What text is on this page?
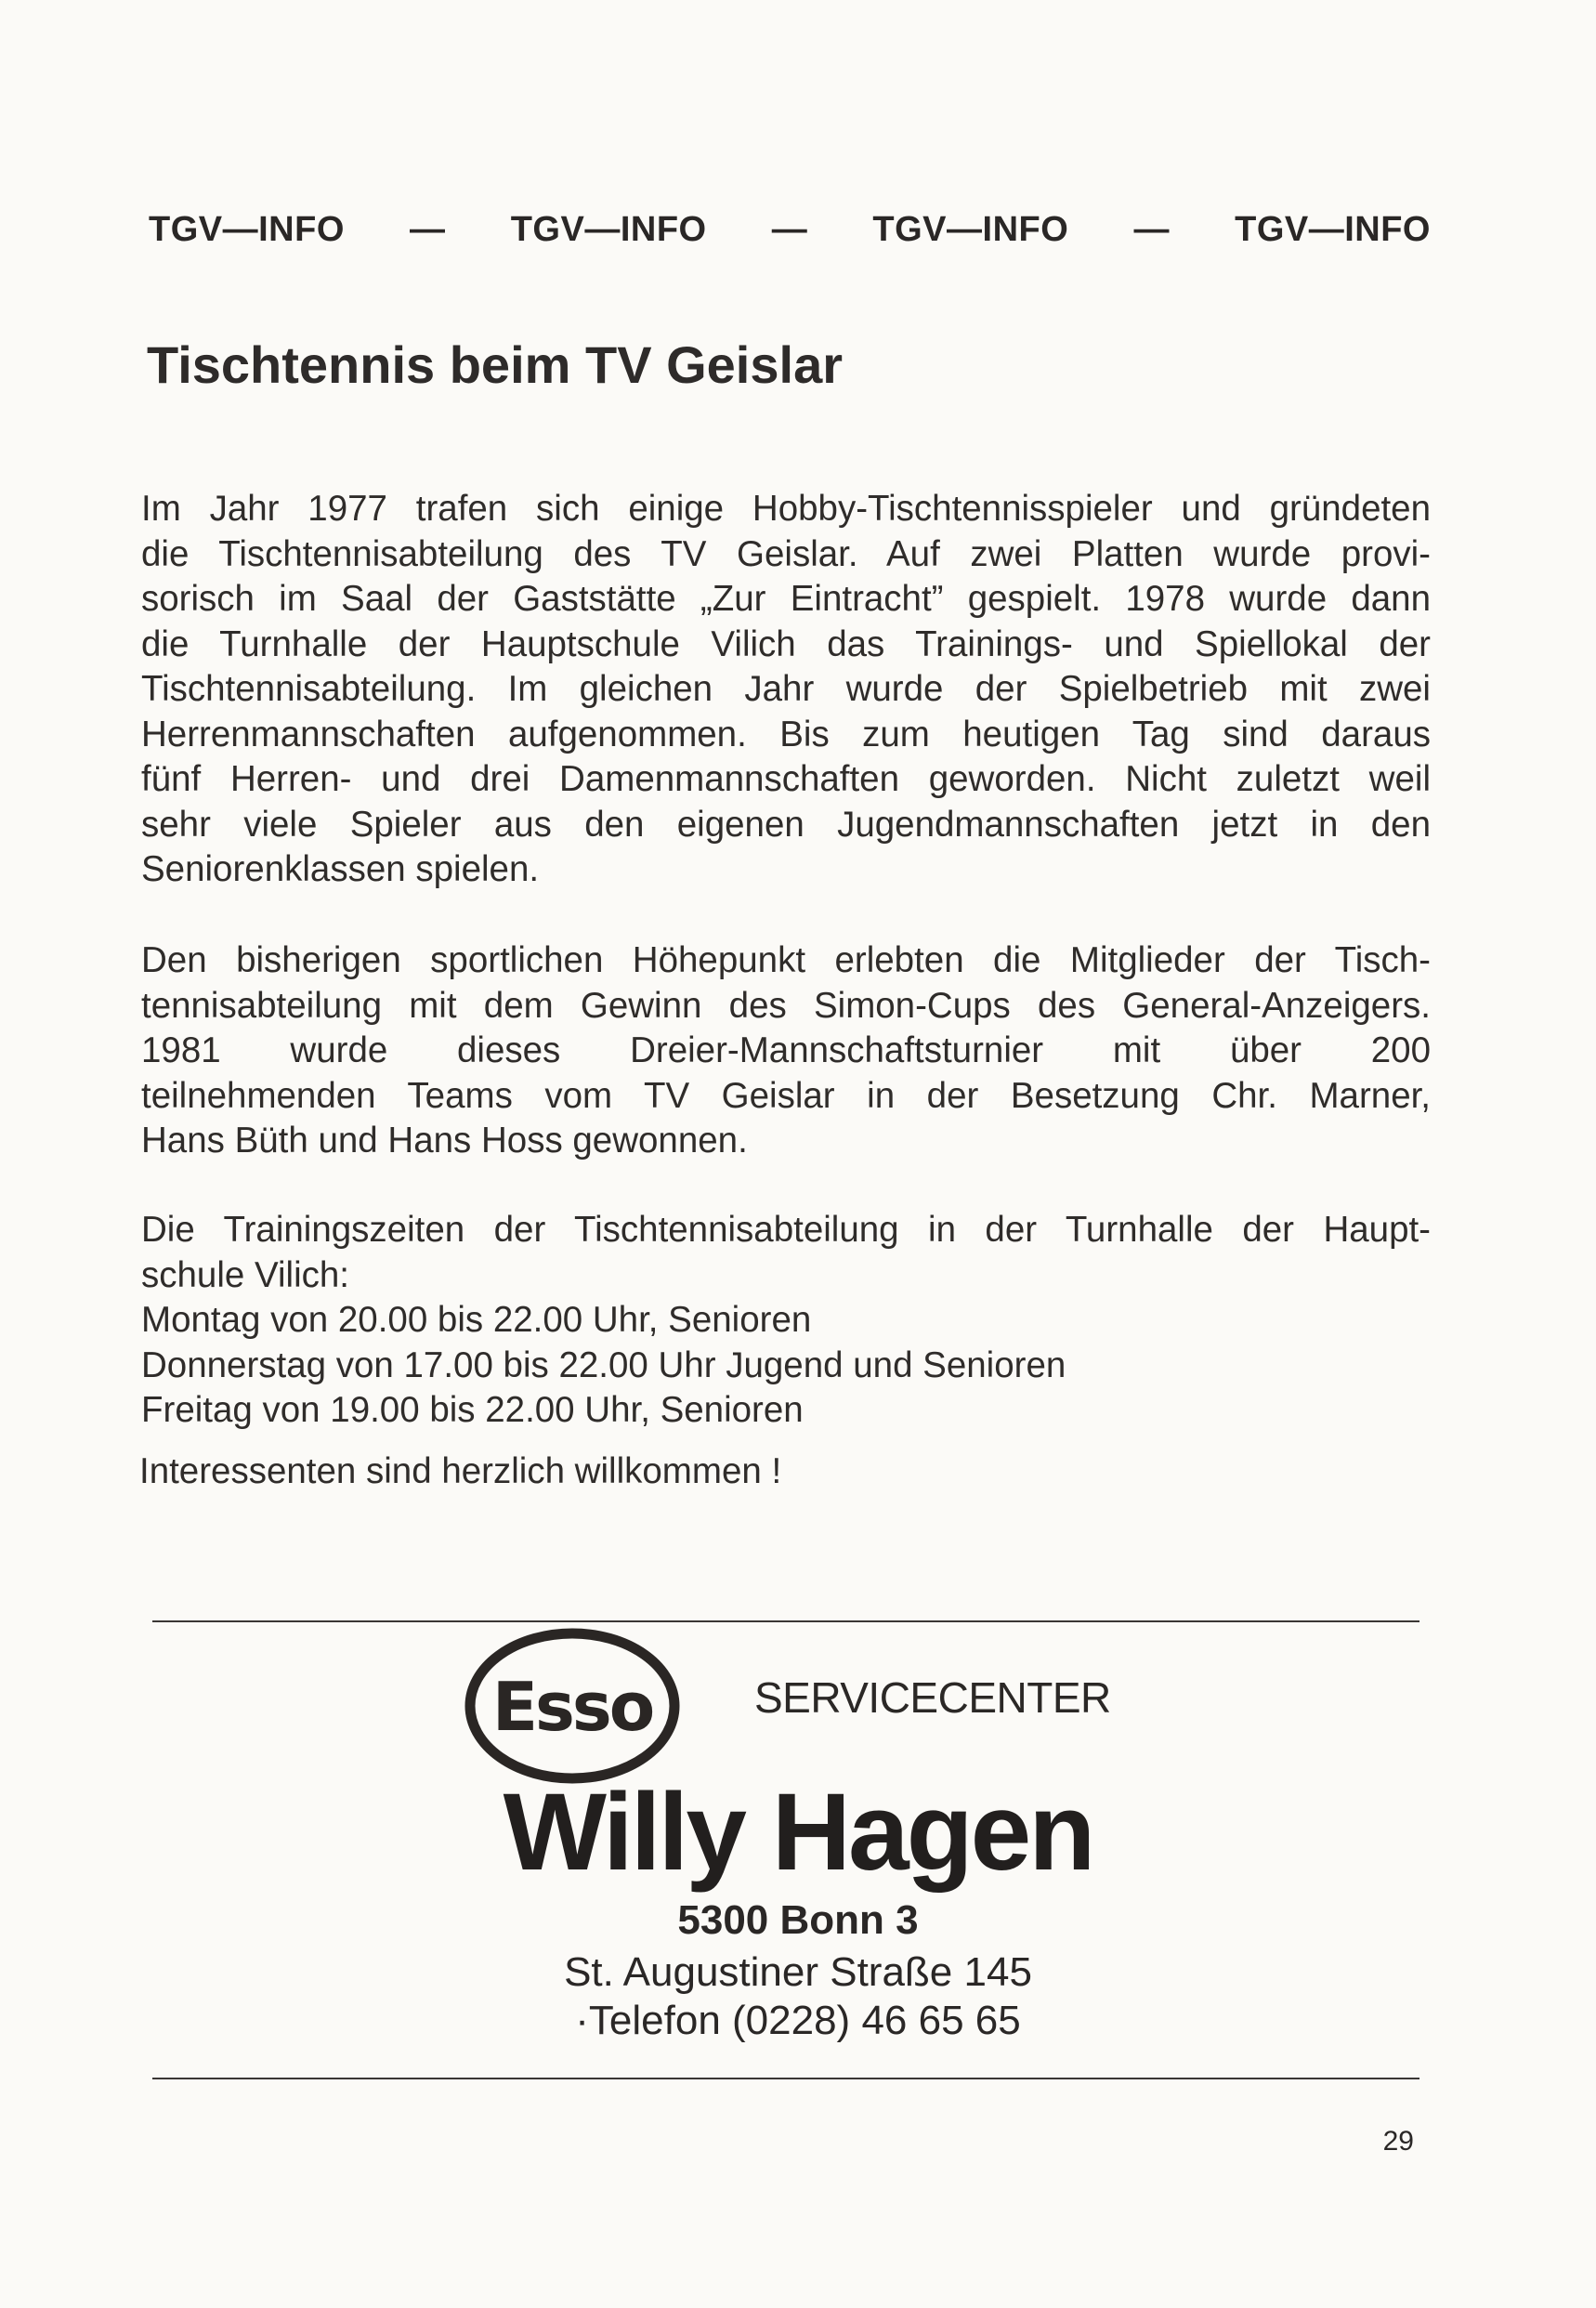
TGV—INFO — TGV—INFO — TGV—INFO — TGV—INFO
Tischtennis beim TV Geislar
Im Jahr 1977 trafen sich einige Hobby-Tischtennisspieler und gründeten
die Tischtennisabteilung des TV Geislar. Auf zwei Platten wurde provi-
sorisch im Saal der Gaststätte „Zur Eintracht” gespielt. 1978 wurde dann
die Turnhalle der Hauptschule Vilich das Trainings- und Spiellokal der
Tischtennisabteilung. Im gleichen Jahr wurde der Spielbetrieb mit zwei
Herrenmannschaften aufgenommen. Bis zum heutigen Tag sind daraus
fünf Herren- und drei Damenmannschaften geworden. Nicht zuletzt weil
sehr viele Spieler aus den eigenen Jugendmannschaften jetzt in den
Seniorenklassen spielen.
Den bisherigen sportlichen Höhepunkt erlebten die Mitglieder der Tisch-
tennisabteilung mit dem Gewinn des Simon-Cups des General-Anzeigers.
1981 wurde dieses Dreier-Mannschaftsturnier mit über 200
teilnehmenden Teams vom TV Geislar in der Besetzung Chr. Marner,
Hans Büth und Hans Hoss gewonnen.
Die Trainingszeiten der Tischtennisabteilung in der Turnhalle der Haupt-
schule Vilich:
Montag von 20.00 bis 22.00 Uhr, Senioren
Donnerstag von 17.00 bis 22.00 Uhr Jugend und Senioren
Freitag von 19.00 bis 22.00 Uhr, Senioren
Interessenten sind herzlich willkommen !
Esso SERVICECENTER
Willy Hagen
5300 Bonn 3
St. Augustiner Straße 145
·Telefon (0228) 46 65 65
29
